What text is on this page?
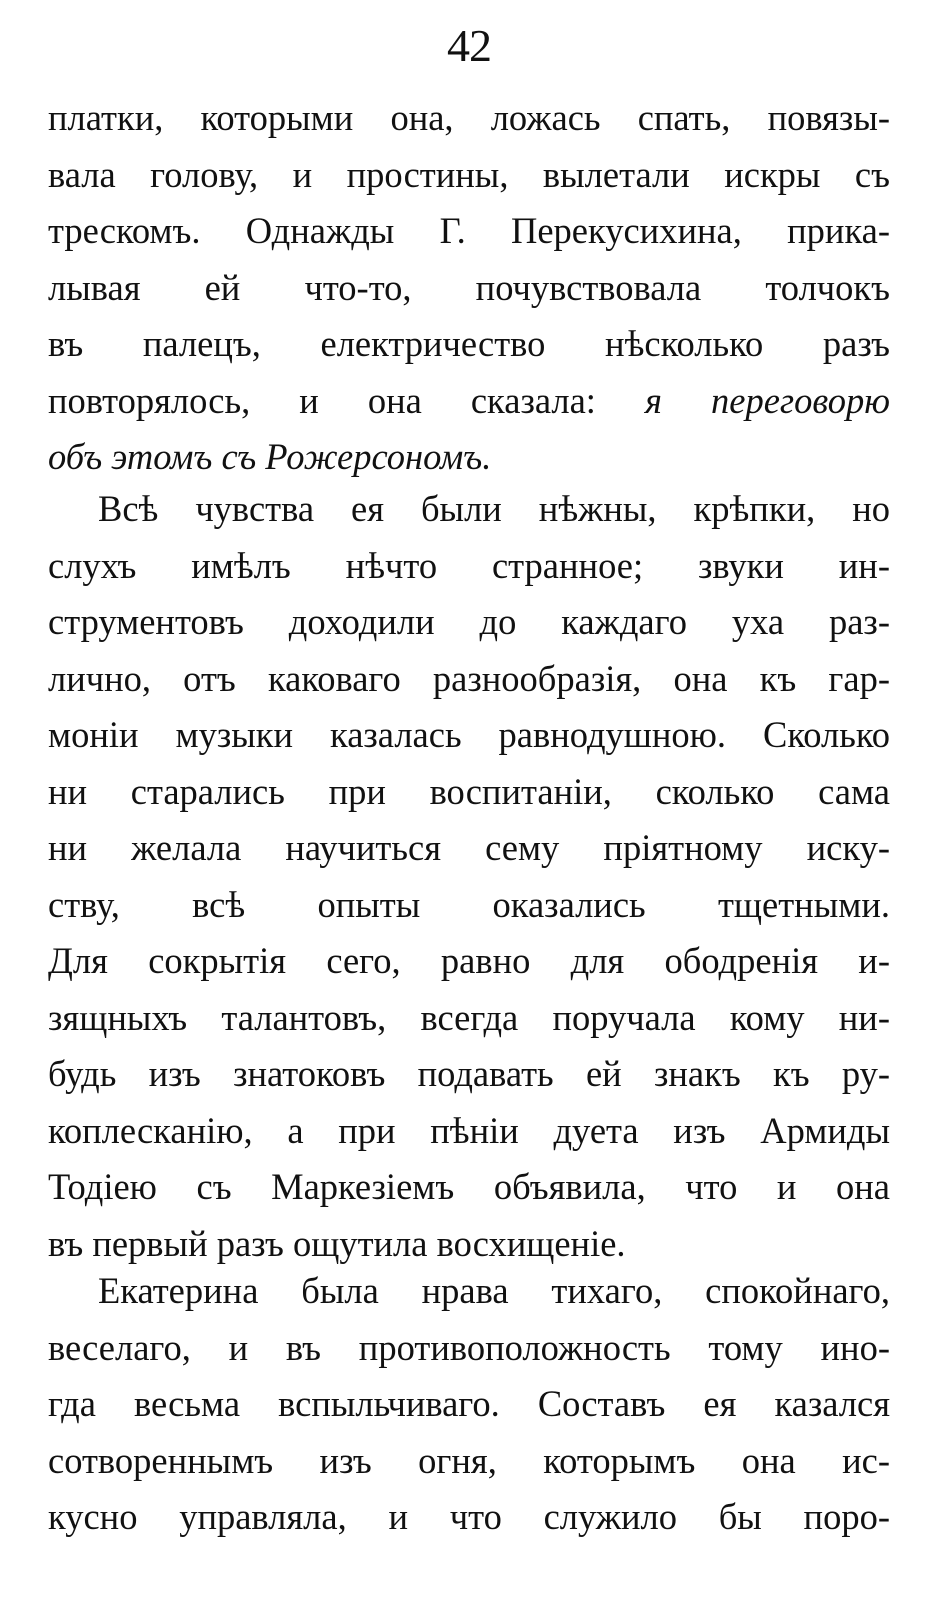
42
платки, которыми она, ложась спать, повязы-
вала голову, и простины, вылетали искры съ
трескомъ. Однажды Г. Перекусихина, прика-
лывая ей что-то, почувствовала толчокъ
въ палецъ, електричество нѣсколько разъ
повторялось, и она сказала: я переговорю
объ этомъ съ Рожерсономъ.
Всѣ чувства ея были нѣжны, крѣпки, но
слухъ имѣлъ нѣчто странное; звуки ин-
струментовъ доходили до каждаго уха раз-
лично, отъ каковаго разнообразія, она къ гар-
моніи музыки казалась равнодушною. Сколько
ни старались при воспитаніи, сколько сама
ни желала научиться сему пріятному иску-
ству, всѣ опыты оказались тщетными.
Для сокрытія сего, равно для ободренія и-
зящныхъ талантовъ, всегда поручала кому ни-
будь изъ знатоковъ подавать ей знакъ къ ру-
коплесканію, а при пѣніи дуета изъ Армиды
Тодіею съ Маркезіемъ объявила, что и она
въ первый разъ ощутила восхищеніе.
Екатерина была нрава тихаго, спокойнаго,
веселаго, и въ противоположность тому ино-
гда весьма вспыльчиваго. Составъ ея казался
сотвореннымъ изъ огня, которымъ она ис-
кусно управляла, и что служило бы поро-
